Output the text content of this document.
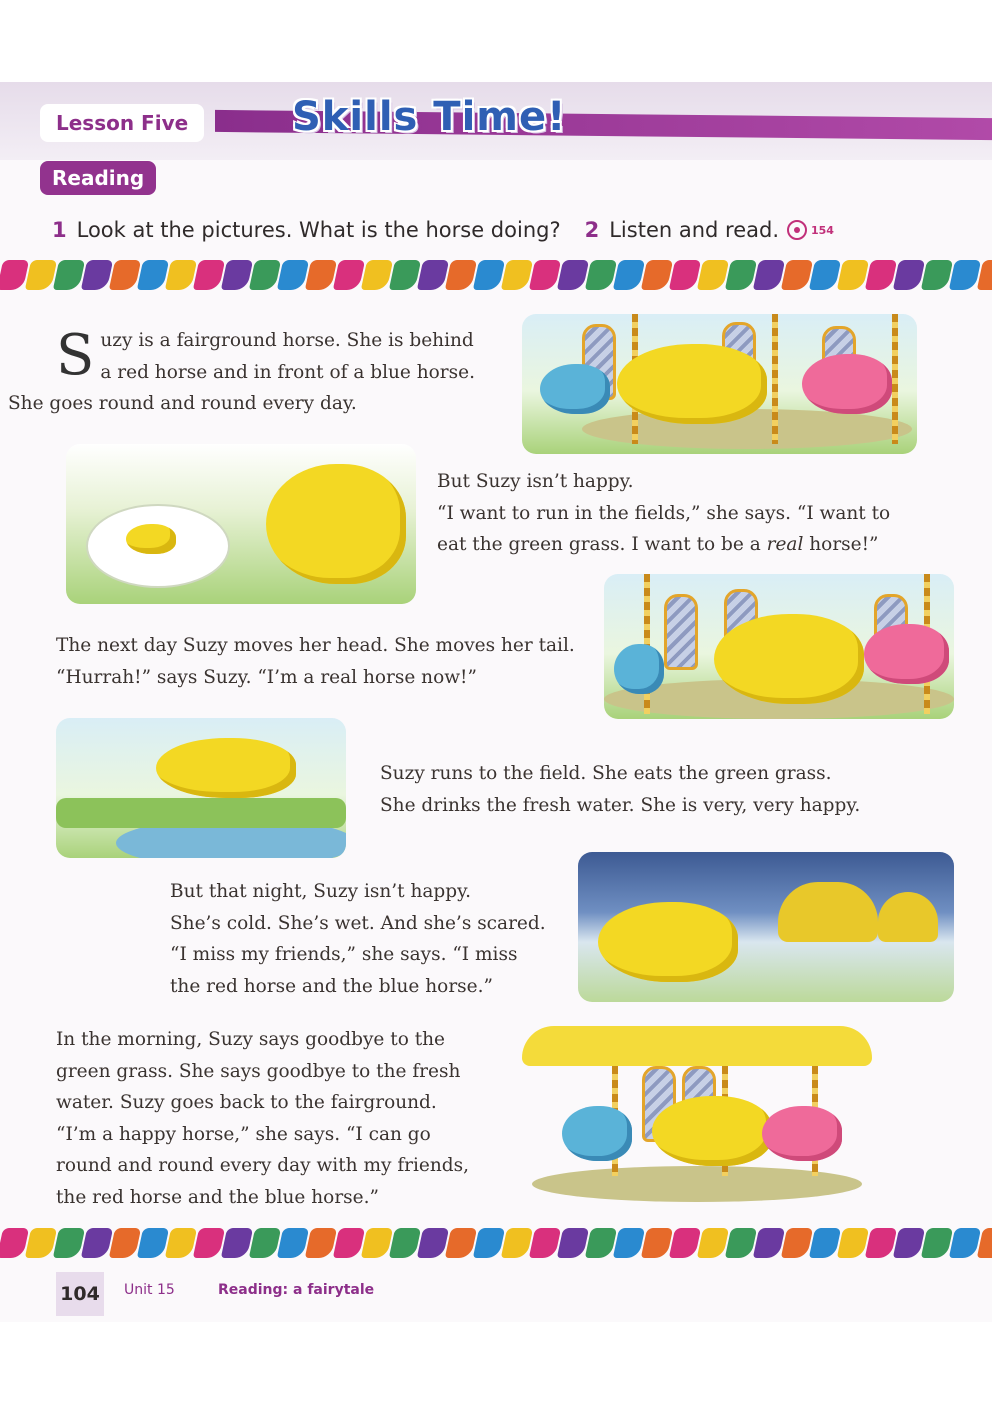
Lesson Five	Skills Time!
Reading
1 Look at the pictures. What is the horse doing? 2 Listen and read.	154
S uzy is a fairground horse. She is behind
a red horse and in front of a blue horse.
She goes round and round every day.
But Suzy isn’t happy.
“I want to run in the fields,” she says. “I want to
eat the green grass. I want to be a real horse!”
The next day Suzy moves her head. She moves her tail.
“Hurrah!” says Suzy. “I’m a real horse now!”
Suzy runs to the field. She eats the green grass.
She drinks the fresh water. She is very, very happy.
But that night, Suzy isn’t happy.
She’s cold. She’s wet. And she’s scared.
“I miss my friends,” she says. “I miss
the red horse and the blue horse.”
In the morning, Suzy says goodbye to the
green grass. She says goodbye to the fresh
water. Suzy goes back to the fairground.
“I’m a happy horse,” she says. “I can go
round and round every day with my friends,
the red horse and the blue horse.”
104 Unit 15	Reading: a fairytale
